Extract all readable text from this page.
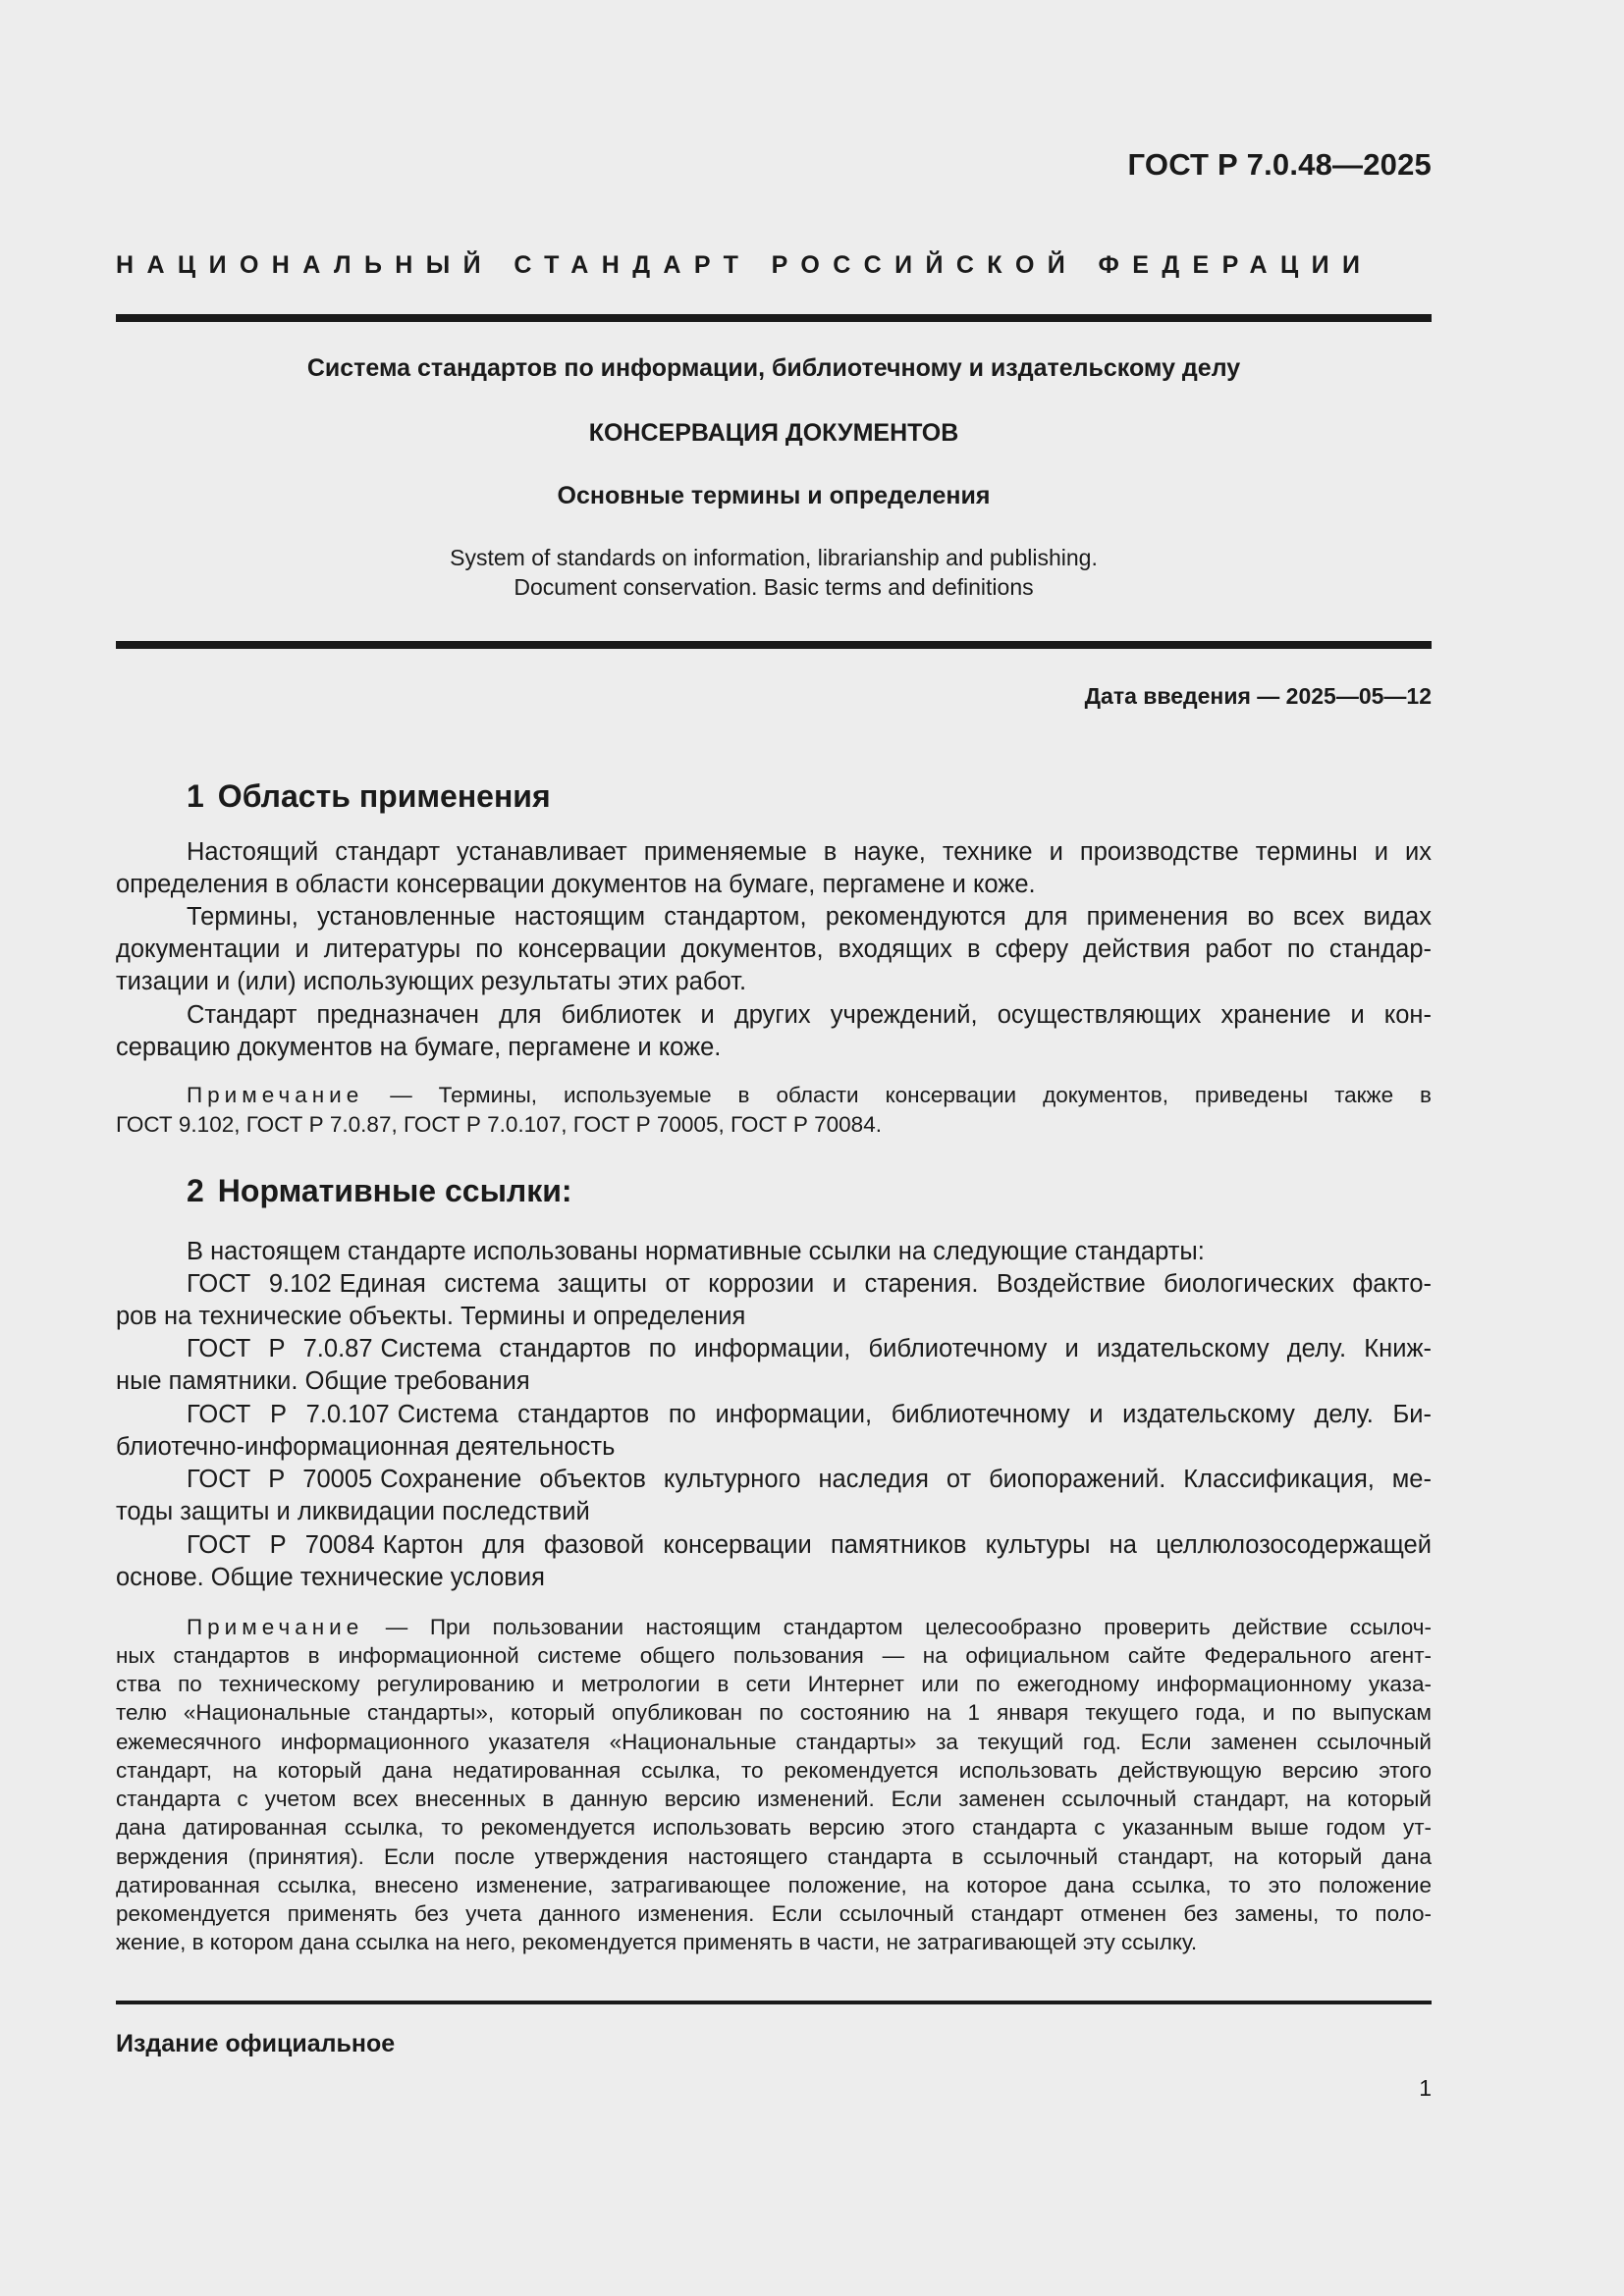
ГОСТ Р 7.0.48—2025
НАЦИОНАЛЬНЫЙ СТАНДАРТ РОССИЙСКОЙ ФЕДЕРАЦИИ
Система стандартов по информации, библиотечному и издательскому делу
КОНСЕРВАЦИЯ ДОКУМЕНТОВ
Основные термины и определения
System of standards on information, librarianship and publishing.
Document conservation. Basic terms and definitions
Дата введения — 2025—05—12
1 Область применения
Настоящий стандарт устанавливает применяемые в науке, технике и производстве термины и их
определения в области консервации документов на бумаге, пергамене и коже.
Термины, установленные настоящим стандартом, рекомендуются для применения во всех видах
документации и литературы по консервации документов, входящих в сферу действия работ по стандар-
тизации и (или) использующих результаты этих работ.
Стандарт предназначен для библиотек и других учреждений, осуществляющих хранение и кон-
сервацию документов на бумаге, пергамене и коже.
Примечание — Термины, используемые в области консервации документов, приведены также в
ГОСТ 9.102, ГОСТ Р 7.0.87, ГОСТ Р 7.0.107, ГОСТ Р 70005, ГОСТ Р 70084.
2 Нормативные ссылки:
В настоящем стандарте использованы нормативные ссылки на следующие стандарты:
ГОСТ 9.102 Единая система защиты от коррозии и старения. Воздействие биологических факто-
ров на технические объекты. Термины и определения
ГОСТ Р 7.0.87 Система стандартов по информации, библиотечному и издательскому делу. Книж-
ные памятники. Общие требования
ГОСТ Р 7.0.107 Система стандартов по информации, библиотечному и издательскому делу. Би-
блиотечно-информационная деятельность
ГОСТ Р 70005 Сохранение объектов культурного наследия от биопоражений. Классификация, ме-
тоды защиты и ликвидации последствий
ГОСТ Р 70084 Картон для фазовой консервации памятников культуры на целлюлозосодержащей
основе. Общие технические условия
Примечание — При пользовании настоящим стандартом целесообразно проверить действие ссылоч-
ных стандартов в информационной системе общего пользования — на официальном сайте Федерального агент-
ства по техническому регулированию и метрологии в сети Интернет или по ежегодному информационному указа-
телю «Национальные стандарты», который опубликован по состоянию на 1 января текущего года, и по выпускам
ежемесячного информационного указателя «Национальные стандарты» за текущий год. Если заменен ссылочный
стандарт, на который дана недатированная ссылка, то рекомендуется использовать действующую версию этого
стандарта с учетом всех внесенных в данную версию изменений. Если заменен ссылочный стандарт, на который
дана датированная ссылка, то рекомендуется использовать версию этого стандарта с указанным выше годом ут-
верждения (принятия). Если после утверждения настоящего стандарта в ссылочный стандарт, на который дана
датированная ссылка, внесено изменение, затрагивающее положение, на которое дана ссылка, то это положение
рекомендуется применять без учета данного изменения. Если ссылочный стандарт отменен без замены, то поло-
жение, в котором дана ссылка на него, рекомендуется применять в части, не затрагивающей эту ссылку.
Издание официальное
1
